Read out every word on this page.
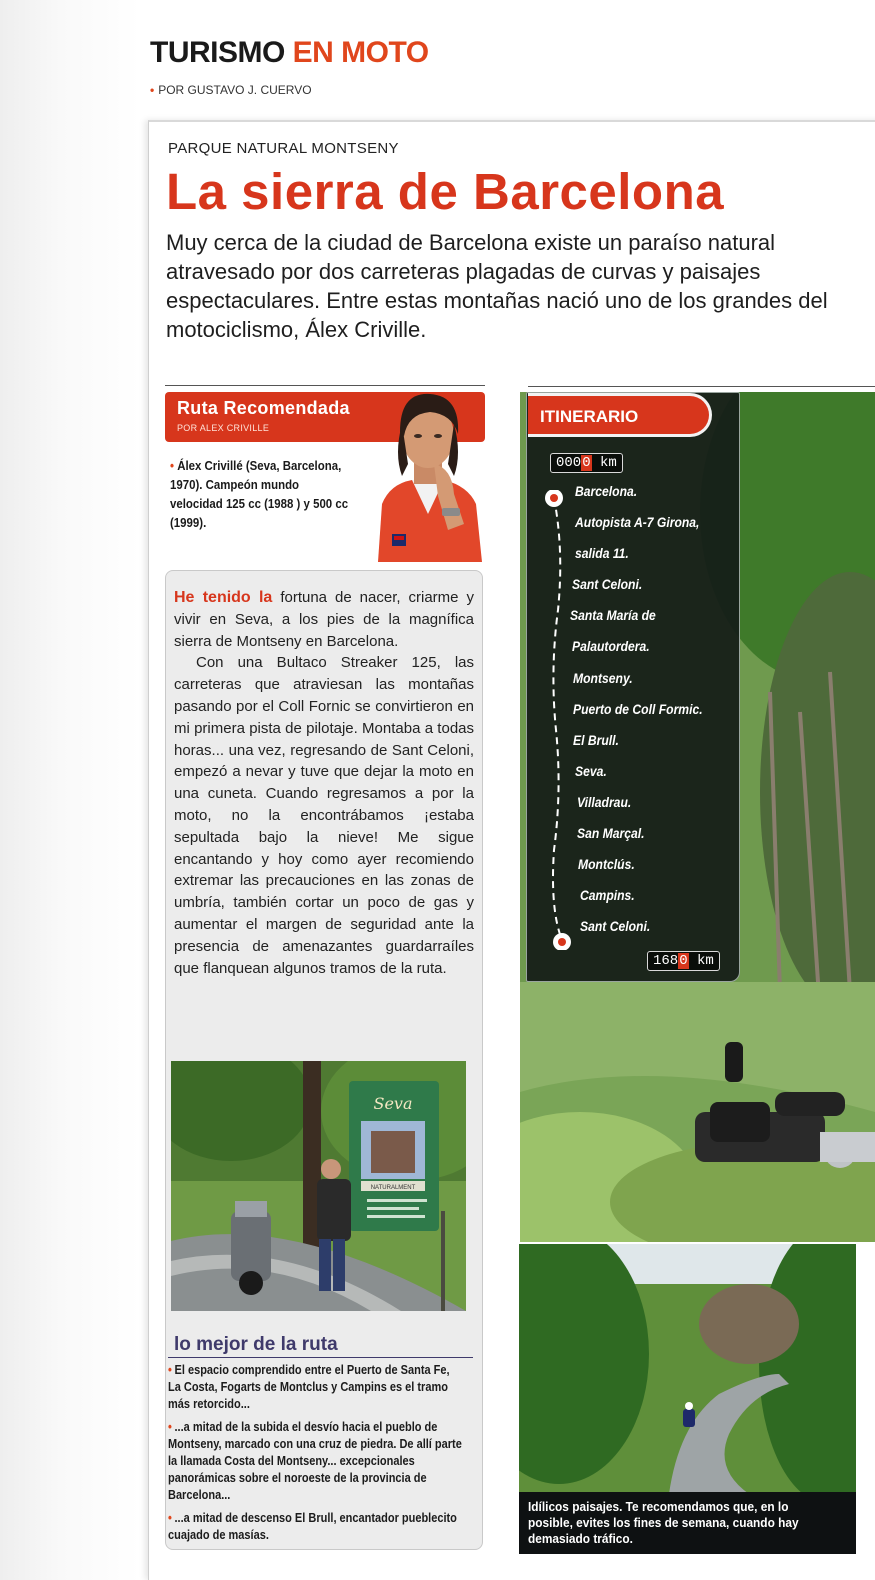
TURISMO EN MOTO
• POR GUSTAVO J. CUERVO
PARQUE NATURAL MONTSENY
La sierra de Barcelona
Muy cerca de la ciudad de Barcelona existe un paraíso natural atravesado por dos carreteras plagadas de curvas y paisajes espectaculares. Entre estas montañas nació uno de los grandes del motociclismo, Álex Criville.
Ruta Recomendada
POR ALEX CRIVILLE
• Álex Crivillé (Seva, Barcelona, 1970). Campeón mundo velocidad 125 cc (1988 ) y 500 cc (1999).

He tenido la fortuna de nacer, criarme y vivir en Seva, a los pies de la magnífica sierra de Montseny en Barcelona.

Con una Bultaco Streaker 125, las carreteras que atraviesan las montañas pasando por el Coll Fornic se convirtieron en mi primera pista de pilotaje. Montaba a todas horas... una vez, regresando de Sant Celoni, empezó a nevar y tuve que dejar la moto en una cuneta. Cuando regresamos a por la moto, no la encontrábamos ¡estaba sepultada bajo la nieve! Me sigue encantando y hoy como ayer recomiendo extremar las precauciones en las zonas de umbría, también cortar un poco de gas y aumentar el margen de seguridad ante la presencia de amenazantes guardarraíles que flanquean algunos tramos de la ruta.

Seva
NATURALMENT
lo mejor de la ruta
• El espacio comprendido entre el Puerto de Santa Fe, La Costa, Fogarts de Montclus y Campins es el tramo más retorcido...
• ...a mitad de la subida el desvío hacia el pueblo de Montseny, marcado con una cruz de piedra. De allí parte la llamada Costa del Montseny... excepcionales panorámicas sobre el noroeste de la provincia de Barcelona...
• ...a mitad de descenso El Brull, encantador pueblecito cuajado de masías.
ITINERARIO
0000 km
Barcelona.
Autopista A-7 Girona,
salida 11.
Sant Celoni.
Santa María de
Palautordera.
Montseny.
Puerto de Coll Formic.
El Brull.
Seva.
Villadrau.
San Marçal.
Montclús.
Campins.
Sant Celoni.
1680 km
Idílicos paisajes. Te recomendamos que, en lo posible, evites los fines de semana, cuando hay demasiado tráfico.
